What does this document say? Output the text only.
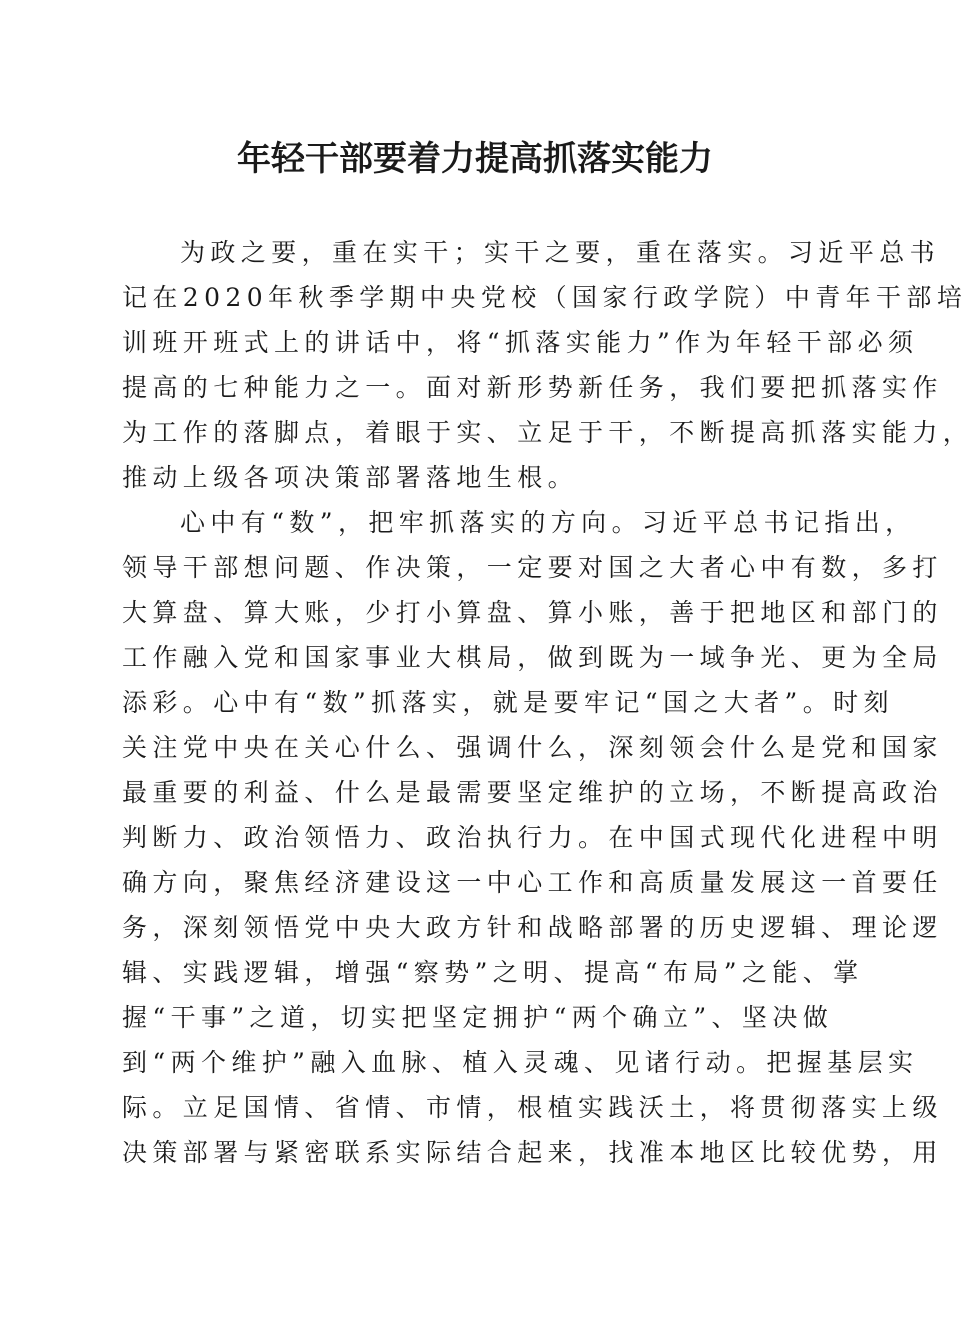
年轻干部要着力提高抓落实能力
为政之要，重在实干；实干之要，重在落实。习近平总书
记在2020年秋季学期中央党校（国家行政学院）中青年干部培
训班开班式上的讲话中，将“抓落实能力”作为年轻干部必须
提高的七种能力之一。面对新形势新任务，我们要把抓落实作
为工作的落脚点，着眼于实、立足于干，不断提高抓落实能力，
推动上级各项决策部署落地生根。
心中有“数”，把牢抓落实的方向。习近平总书记指出，
领导干部想问题、作决策，一定要对国之大者心中有数，多打
大算盘、算大账，少打小算盘、算小账，善于把地区和部门的
工作融入党和国家事业大棋局，做到既为一域争光、更为全局
添彩。心中有“数”抓落实，就是要牢记“国之大者”。时刻
关注党中央在关心什么、强调什么，深刻领会什么是党和国家
最重要的利益、什么是最需要坚定维护的立场，不断提高政治
判断力、政治领悟力、政治执行力。在中国式现代化进程中明
确方向，聚焦经济建设这一中心工作和高质量发展这一首要任
务，深刻领悟党中央大政方针和战略部署的历史逻辑、理论逻
辑、实践逻辑，增强“察势”之明、提高“布局”之能、掌
握“干事”之道，切实把坚定拥护“两个确立”、坚决做
到“两个维护”融入血脉、植入灵魂、见诸行动。把握基层实
际。立足国情、省情、市情，根植实践沃土，将贯彻落实上级
决策部署与紧密联系实际结合起来，找准本地区比较优势，用
